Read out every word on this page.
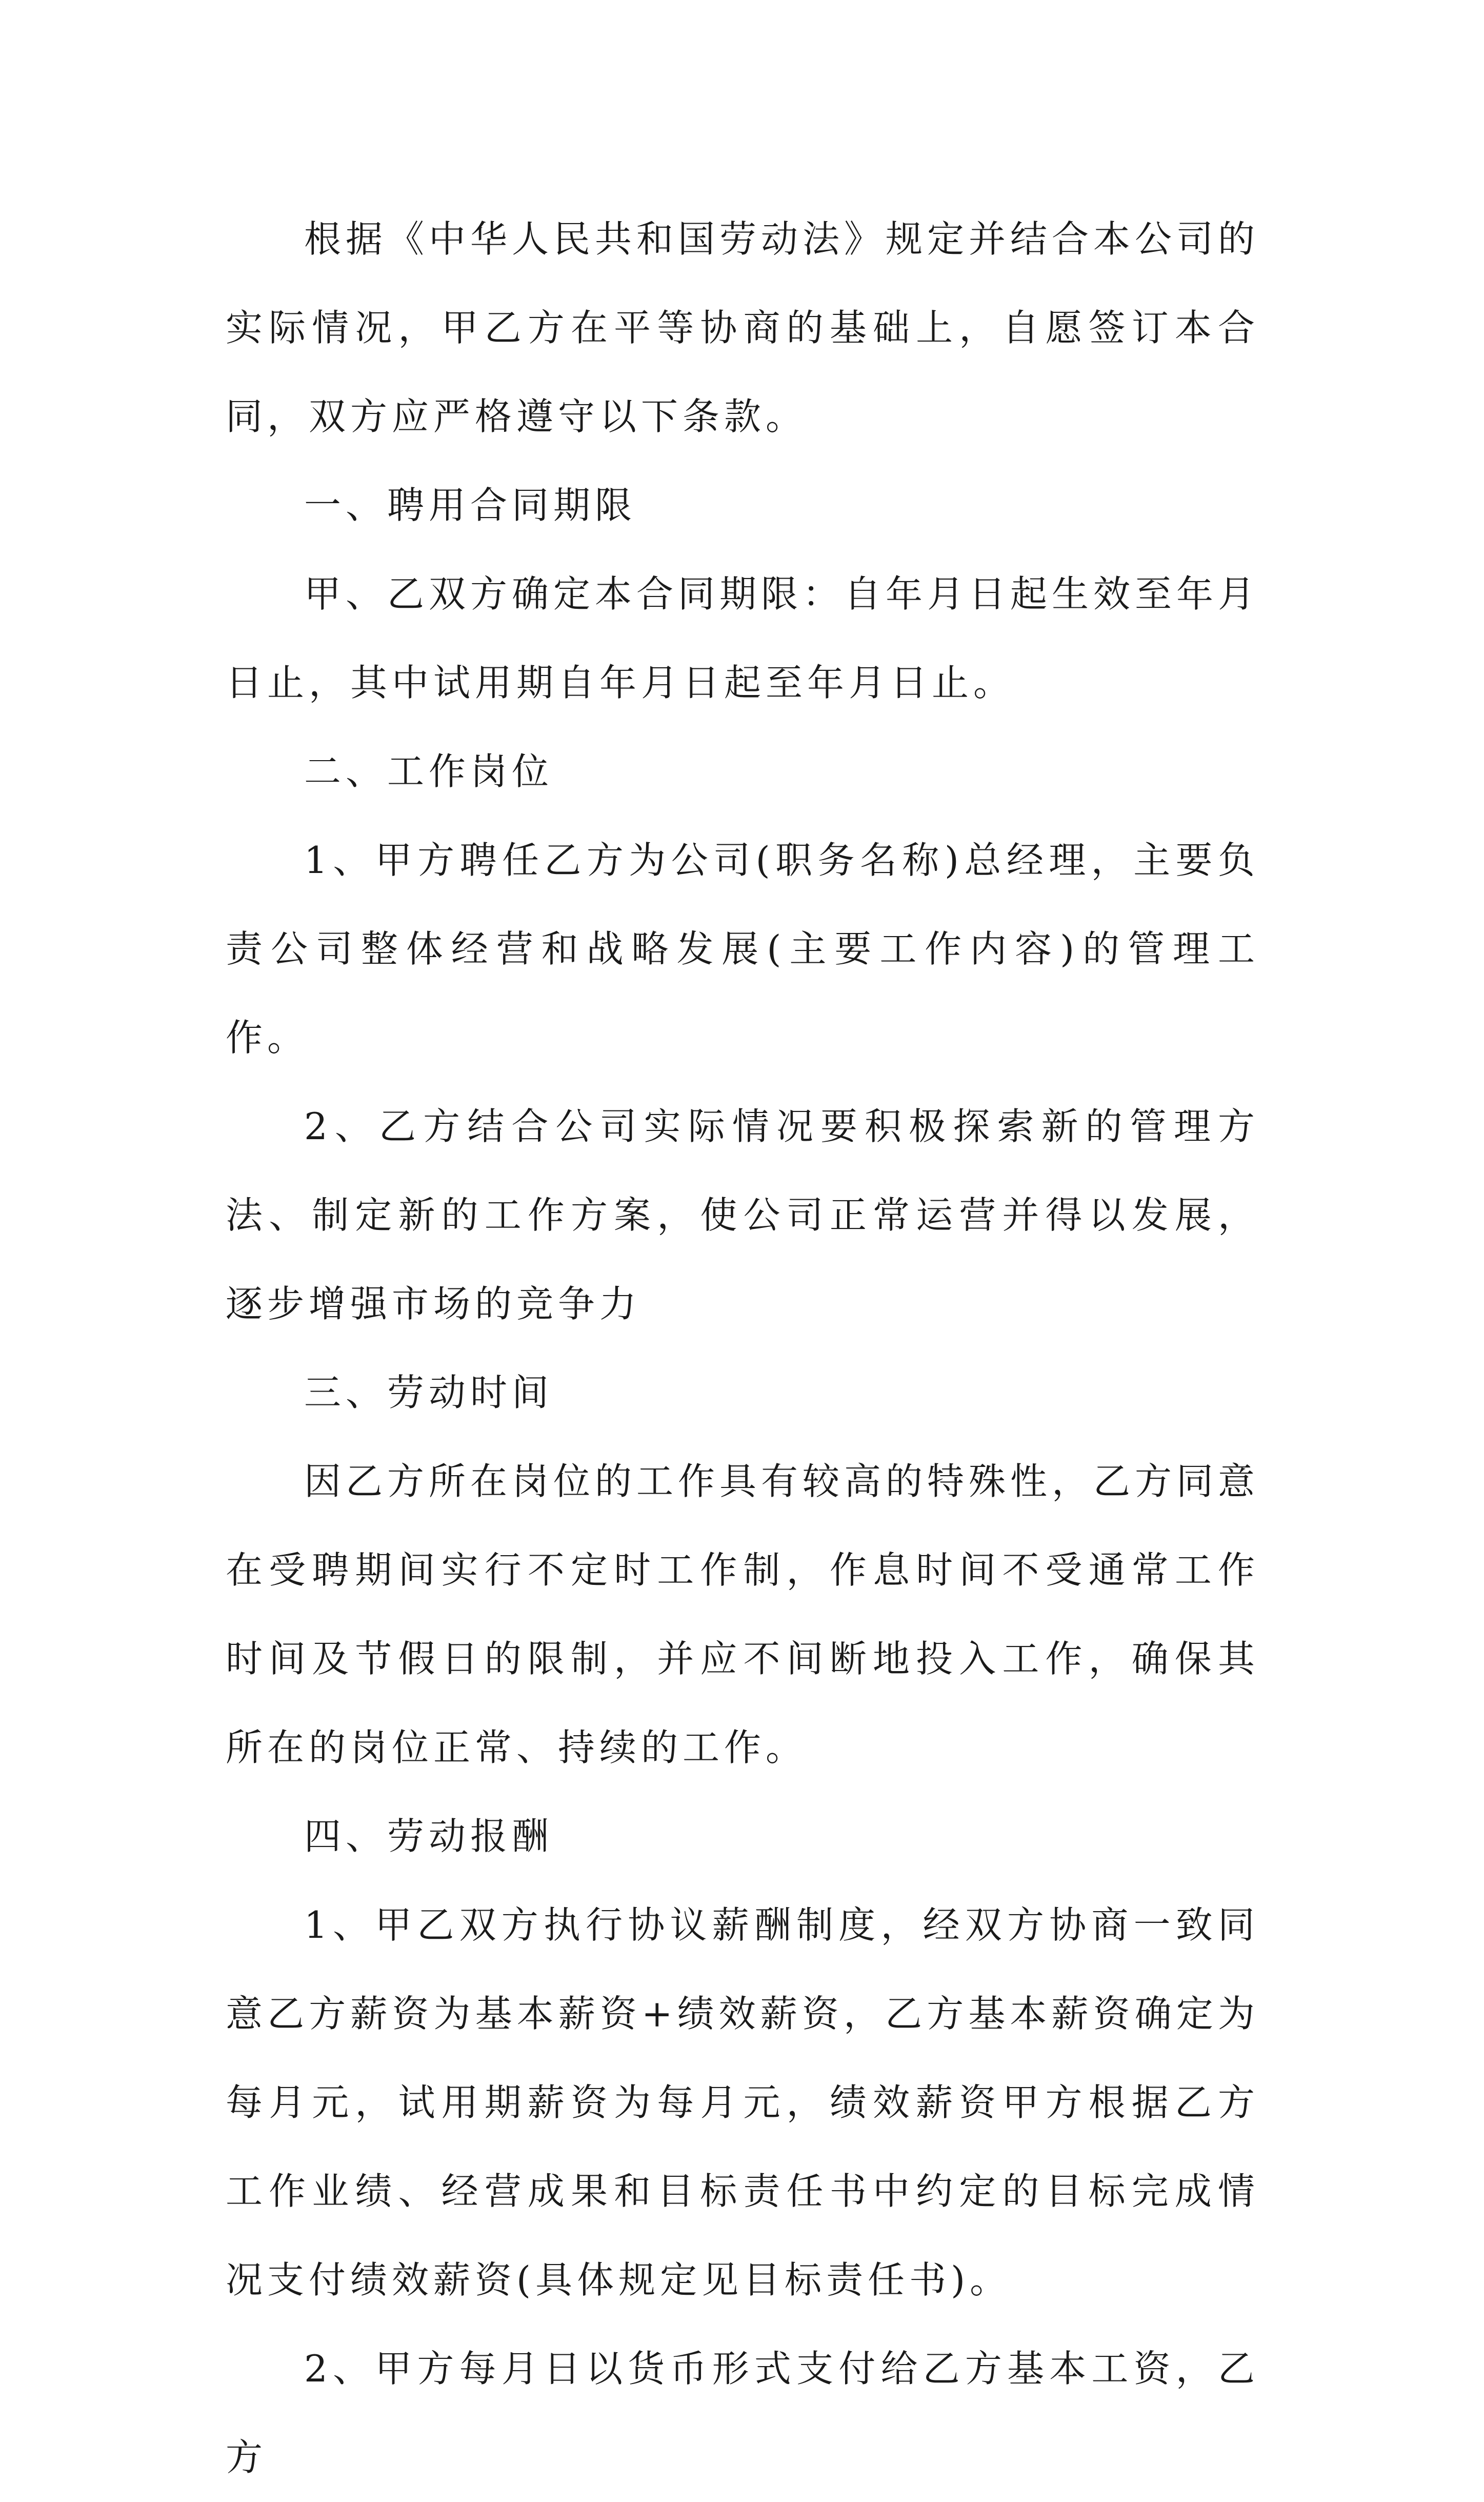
根据《中华人民共和国劳动法》规定并结合本公司的实际情况，甲乙方在平等协商的基础上，自愿签订本合同，双方应严格遵守以下条款。

一、聘用合同期限

甲、乙双方确定本合同期限：自年月日起生效至年月日止，其中试用期自年月日起至年月日止。

二、工作岗位

1、甲方聘任乙方为公司(职务名称)总经理，主要负责公司整体经营和战略发展(主要工作内容)的管理工作。

2、乙方结合公司实际情况要积极探索新的管理方法、制定新的工作方案，使公司正常运营并得以发展，逐步增强市场的竞争力

三、劳动时间

因乙方所在岗位的工作具有较高的特殊性，乙方同意在受聘期间实行不定时工作制，作息时间不受通常工作时间及节假日的限制，并应不间断地投入工作，确保其所在的岗位正常、持续的工作。

四、劳动报酬

1、甲乙双方执行协议薪酬制度，经双方协商一致同意乙方薪资为基本薪资+绩效薪资，乙方基本薪资确定为每月元，试用期薪资为每月元，绩效薪资甲方根据乙方工作业绩、经营成果和目标责任书中约定的目标完成情况支付绩效薪资(具体规定见目标责任书)。

2、甲方每月日以货币形式支付给乙方基本工资，乙方
